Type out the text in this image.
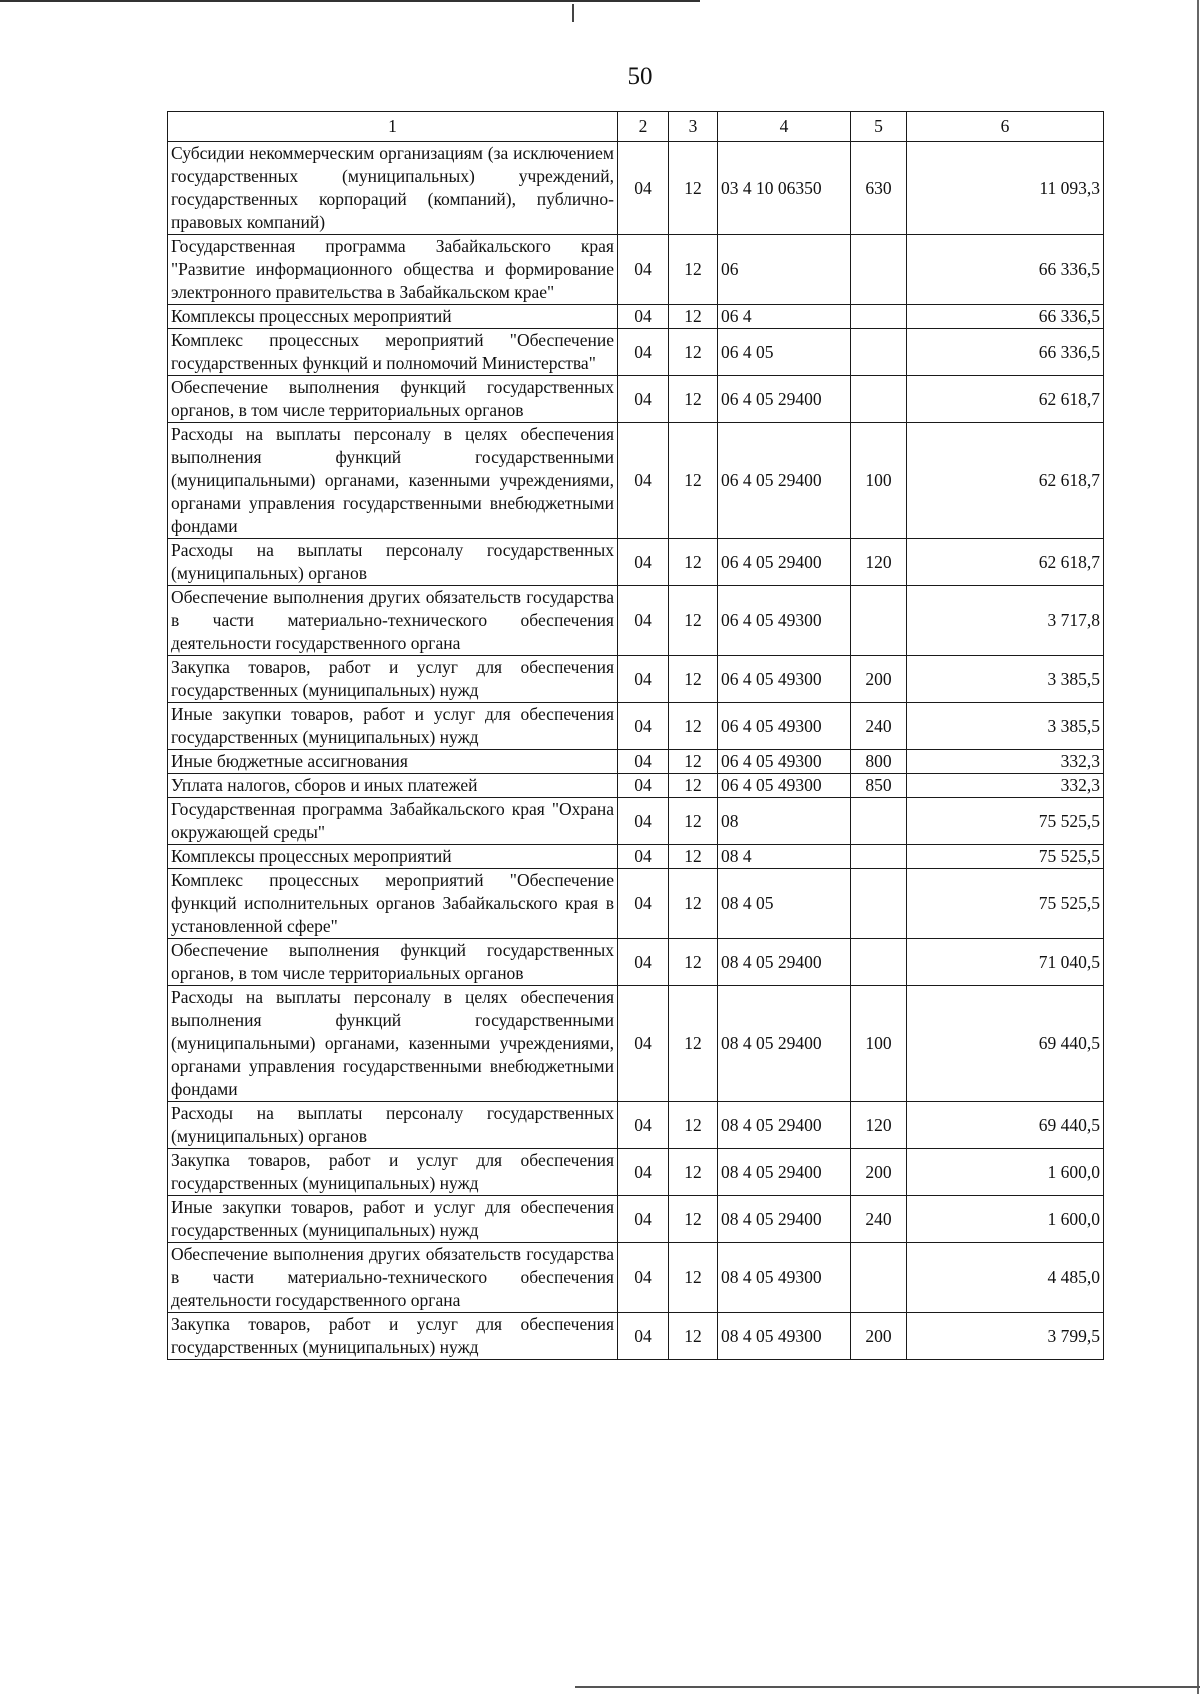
50
1	2	3	4	5	6
Субсидии некоммерческим организациям (за исключением государственных (муниципальных) учреждений, государственных корпораций (компаний), публично-правовых компаний)	04	12	03 4 10 06350	630	11 093,3
Государственная программа Забайкальского края "Развитие информационного общества и формирование электронного правительства в Забайкальском крае"	04	12	06		66 336,5
Комплексы процессных мероприятий	04	12	06 4		66 336,5
Комплекс процессных мероприятий "Обеспечение государственных функций и полномочий Министерства"	04	12	06 4 05		66 336,5
Обеспечение выполнения функций государственных органов, в том числе территориальных органов	04	12	06 4 05 29400		62 618,7
Расходы на выплаты персоналу в целях обеспечения выполнения функций государственными (муниципальными) органами, казенными учреждениями, органами управления государственными внебюджетными фондами	04	12	06 4 05 29400	100	62 618,7
Расходы на выплаты персоналу государственных (муниципальных) органов	04	12	06 4 05 29400	120	62 618,7
Обеспечение выполнения других обязательств государства в части материально-технического обеспечения деятельности государственного органа	04	12	06 4 05 49300		3 717,8
Закупка товаров, работ и услуг для обеспечения государственных (муниципальных) нужд	04	12	06 4 05 49300	200	3 385,5
Иные закупки товаров, работ и услуг для обеспечения государственных (муниципальных) нужд	04	12	06 4 05 49300	240	3 385,5
Иные бюджетные ассигнования	04	12	06 4 05 49300	800	332,3
Уплата налогов, сборов и иных платежей	04	12	06 4 05 49300	850	332,3
Государственная программа Забайкальского края "Охрана окружающей среды"	04	12	08		75 525,5
Комплексы процессных мероприятий	04	12	08 4		75 525,5
Комплекс процессных мероприятий "Обеспечение функций исполнительных органов Забайкальского края в установленной сфере"	04	12	08 4 05		75 525,5
Обеспечение выполнения функций государственных органов, в том числе территориальных органов	04	12	08 4 05 29400		71 040,5
Расходы на выплаты персоналу в целях обеспечения выполнения функций государственными (муниципальными) органами, казенными учреждениями, органами управления государственными внебюджетными фондами	04	12	08 4 05 29400	100	69 440,5
Расходы на выплаты персоналу государственных (муниципальных) органов	04	12	08 4 05 29400	120	69 440,5
Закупка товаров, работ и услуг для обеспечения государственных (муниципальных) нужд	04	12	08 4 05 29400	200	1 600,0
Иные закупки товаров, работ и услуг для обеспечения государственных (муниципальных) нужд	04	12	08 4 05 29400	240	1 600,0
Обеспечение выполнения других обязательств государства в части материально-технического обеспечения деятельности государственного органа	04	12	08 4 05 49300		4 485,0
Закупка товаров, работ и услуг для обеспечения государственных (муниципальных) нужд	04	12	08 4 05 49300	200	3 799,5
